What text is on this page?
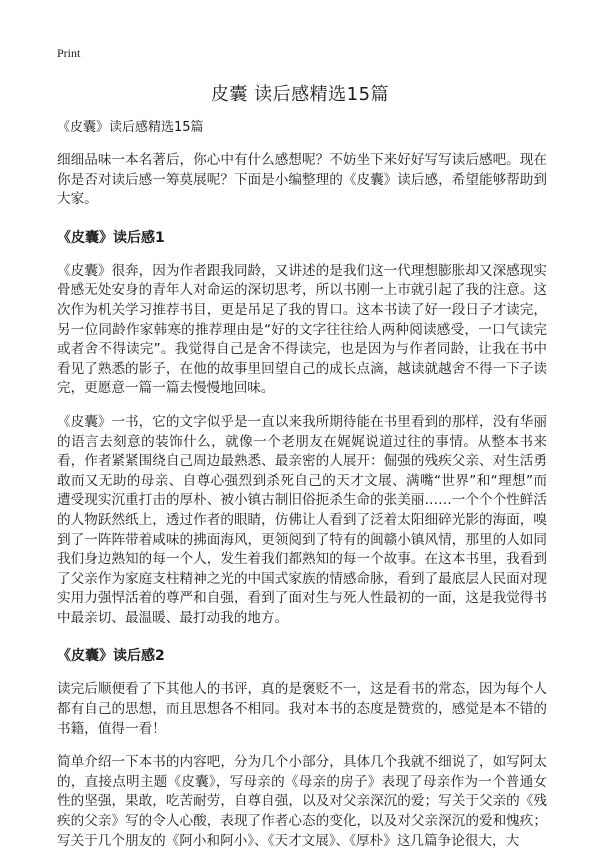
Print
皮囊 读后感精选15篇

《皮囊》读后感精选15篇

细细品味一本名著后，你心中有什么感想呢？不妨坐下来好好写写读后感吧。现在你是否对读后感一筹莫展呢？下面是小编整理的《皮囊》读后感，希望能够帮助到大家。

《皮囊》读后感1

《皮囊》很奔，因为作者跟我同龄，又讲述的是我们这一代理想膨胀却又深感现实骨感无处安身的青年人对命运的深切思考，所以书刚一上市就引起了我的注意。这次作为机关学习推荐书目，更是吊足了我的胃口。这本书读了好一段日子才读完，另一位同龄作家韩寒的推荐理由是“好的文字往往给人两种阅读感受，一口气读完或者舍不得读完”。我觉得自己是舍不得读完，也是因为与作者同龄，让我在书中看见了熟悉的影子，在他的故事里回望自己的成长点滴，越读就越舍不得一下子读完，更愿意一篇一篇去慢慢地回味。

《皮囊》一书，它的文字似乎是一直以来我所期待能在书里看到的那样，没有华丽的语言去刻意的装饰什么，就像一个老朋友在娓娓说道过往的事情。从整本书来看，作者紧紧围绕自己周边最熟悉、最亲密的人展开：倔强的残疾父亲、对生活勇敢而又无助的母亲、自尊心强烈到杀死自己的天才文展、满嘴“世界”和“理想”而遭受现实沉重打击的厚朴、被小镇古制旧俗扼杀生命的张美丽……一个个个性鲜活的人物跃然纸上，透过作者的眼睛，仿佛让人看到了泛着太阳细碎光影的海面，嗅到了一阵阵带着咸味的拂面海风，更领阅到了特有的闽赣小镇风情，那里的人如同我们身边熟知的每一个人，发生着我们都熟知的每一个故事。在这本书里，我看到了父亲作为家庭支柱精神之光的中国式家族的情感命脉，看到了最底层人民面对现实用力强悍活着的尊严和自强，看到了面对生与死人性最初的一面，这是我觉得书中最亲切、最温暖、最打动我的地方。

《皮囊》读后感2

读完后顺便看了下其他人的书评，真的是褒贬不一，这是看书的常态，因为每个人都有自己的思想，而且思想各不相同。我对本书的态度是赞赏的，感觉是本不错的书籍，值得一看！

简单介绍一下本书的内容吧，分为几个小部分，具体几个我就不细说了，如写阿太的，直接点明主题《皮囊》，写母亲的《母亲的房子》表现了母亲作为一个普通女性的坚强，果敢，吃苦耐劳，自尊自强，以及对父亲深沉的爱；写关于父亲的《残疾的父亲》写的令人心酸，表现了作者心态的变化，以及对父亲深沉的爱和愧疚；写关于几个朋友的《阿小和阿小》、《天才文展》、《厚朴》这几篇争论很大，大
